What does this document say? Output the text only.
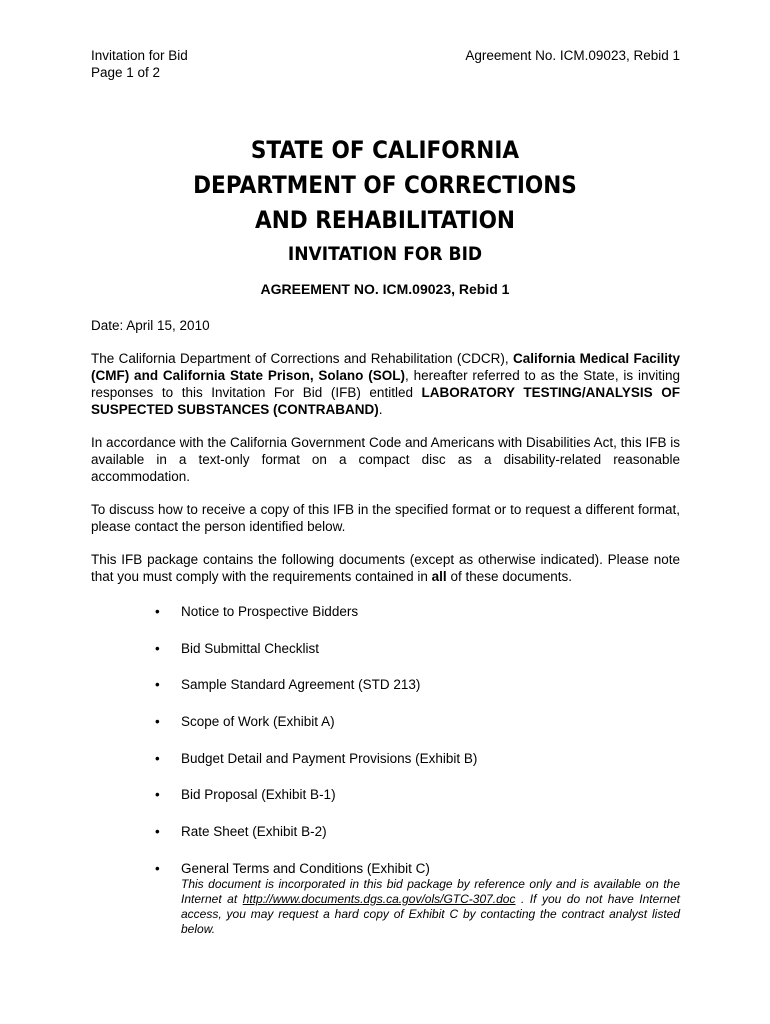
Invitation for Bid
Page 1 of 2
Agreement No. ICM.09023, Rebid 1
STATE OF CALIFORNIA
DEPARTMENT OF CORRECTIONS
AND REHABILITATION
INVITATION FOR BID
AGREEMENT NO. ICM.09023, Rebid 1
Date: April 15, 2010

The California Department of Corrections and Rehabilitation (CDCR), California Medical Facility (CMF) and California State Prison, Solano (SOL), hereafter referred to as the State, is inviting responses to this Invitation For Bid (IFB) entitled LABORATORY TESTING/ANALYSIS OF SUSPECTED SUBSTANCES (CONTRABAND).

In accordance with the California Government Code and Americans with Disabilities Act, this IFB is available in a text-only format on a compact disc as a disability-related reasonable accommodation.

To discuss how to receive a copy of this IFB in the specified format or to request a different format, please contact the person identified below.

This IFB package contains the following documents (except as otherwise indicated). Please note that you must comply with the requirements contained in all of these documents.

• Notice to Prospective Bidders
• Bid Submittal Checklist
• Sample Standard Agreement (STD 213)
• Scope of Work (Exhibit A)
• Budget Detail and Payment Provisions (Exhibit B)
• Bid Proposal (Exhibit B-1)
• Rate Sheet (Exhibit B-2)
• General Terms and Conditions (Exhibit C)
This document is incorporated in this bid package by reference only and is available on the Internet at http://www.documents.dgs.ca.gov/ols/GTC-307.doc . If you do not have Internet access, you may request a hard copy of Exhibit C by contacting the contract analyst listed below.
